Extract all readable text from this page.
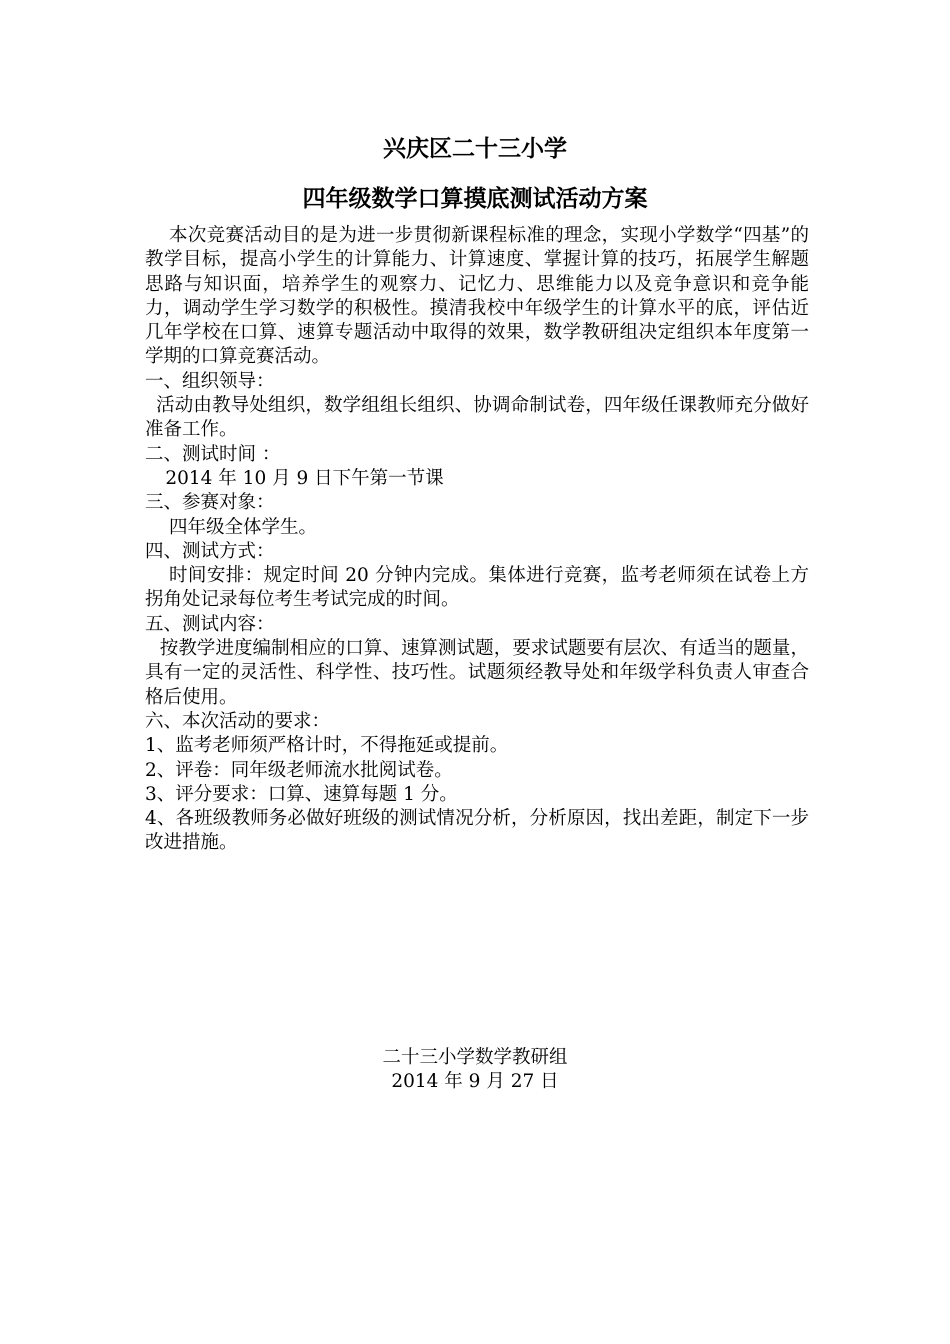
兴庆区二十三小学
四年级数学口算摸底测试活动方案

本次竞赛活动目的是为进一步贯彻新课程标准的理念，实现小学数学“四基”的教学目标，提高小学生的计算能力、计算速度、掌握计算的技巧，拓展学生解题思路与知识面，培养学生的观察力、记忆力、思维能力以及竞争意识和竞争能力，调动学生学习数学的积极性。摸清我校中年级学生的计算水平的底，评估近几年学校在口算、速算专题活动中取得的效果，数学教研组决定组织本年度第一学期的口算竞赛活动。

一、组织领导：

活动由教导处组织，数学组组长组织、协调命制试卷，四年级任课教师充分做好准备工作。

二、测试时间 ：

2014 年 10 月 9 日下午第一节课

三、参赛对象：

四年级全体学生。

四、测试方式：

时间安排：规定时间 20 分钟内完成。集体进行竞赛，监考老师须在试卷上方拐角处记录每位考生考试完成的时间。

五、测试内容：

按教学进度编制相应的口算、速算测试题，要求试题要有层次、有适当的题量，具有一定的灵活性、科学性、技巧性。试题须经教导处和年级学科负责人审查合格后使用。

六、本次活动的要求：

1、监考老师须严格计时，不得拖延或提前。

2、评卷：同年级老师流水批阅试卷。

3、评分要求：口算、速算每题 1 分。

4、各班级教师务必做好班级的测试情况分析，分析原因，找出差距，制定下一步改进措施。

二十三小学数学教研组
2014 年 9 月 27 日
